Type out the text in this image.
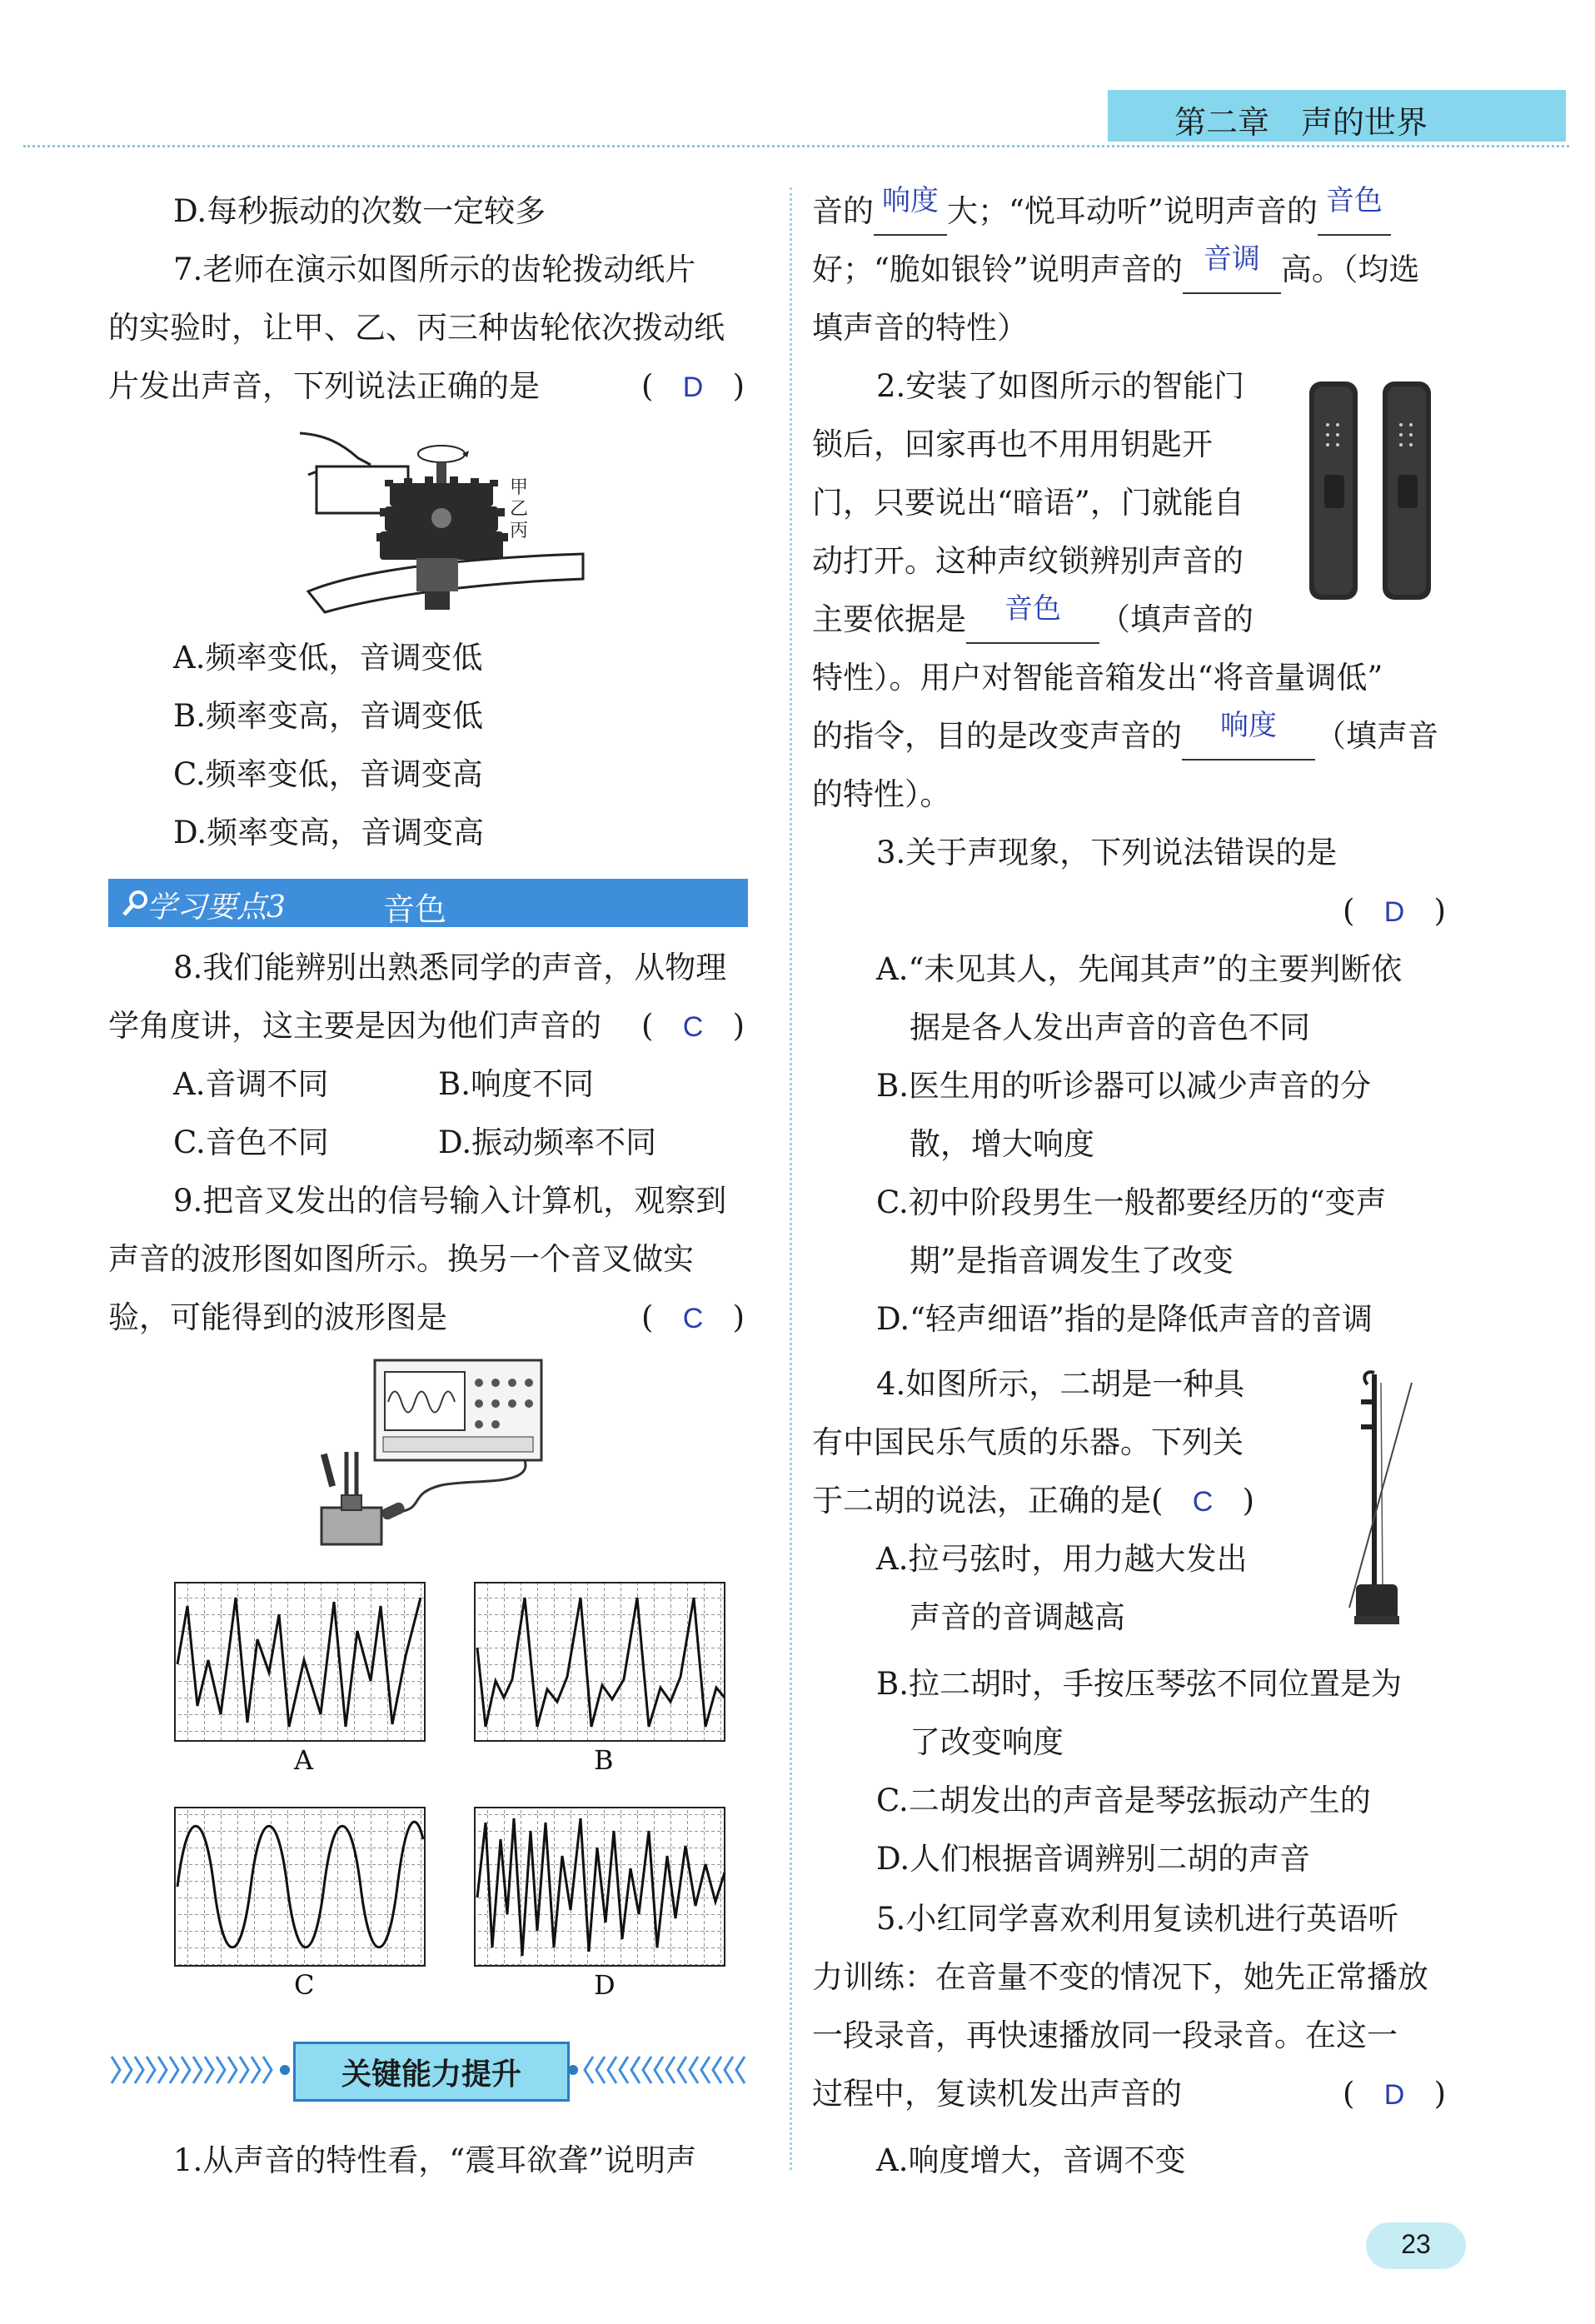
第二章　声的世界
D.每秒振动的次数一定较多
7.老师在演示如图所示的齿轮拨动纸片
的实验时，让甲、乙、丙三种齿轮依次拨动纸
片发出声音，下列说法正确的是	(   D   )
甲
乙
丙
A.频率变低，音调变低
B.频率变高，音调变低
C.频率变低，音调变高
D.频率变高，音调变高
学习要点3	音色
8.我们能辨别出熟悉同学的声音，从物理
学角度讲，这主要是因为他们声音的 (   C   )
A.音调不同	B.响度不同
C.音色不同	D.振动频率不同
9.把音叉发出的信号输入计算机，观察到
声音的波形图如图所示。换另一个音叉做实
验，可能得到的波形图是	(   C   )
A	B
C	D
关键能力提升
1.从声音的特性看，“震耳欲聋”说明声
音的 响度 大；“悦耳动听”说明声音的 音色
好；“脆如银铃”说明声音的 音调 高。（均选
填声音的特性）
2.安装了如图所示的智能门
锁后，回家再也不用用钥匙开
门，只要说出“暗语”，门就能自
动打开。这种声纹锁辨别声音的
主要依据是 音色 （填声音的
特性）。用户对智能音箱发出“将音量调低”
的指令，目的是改变声音的 响度 （填声音
的特性）。
3.关于声现象，下列说法错误的是
(   D   )
A.“未见其人，先闻其声”的主要判断依
据是各人发出声音的音色不同
B.医生用的听诊器可以减少声音的分
散，增大响度
C.初中阶段男生一般都要经历的“变声
期”是指音调发生了改变
D.“轻声细语”指的是降低声音的音调
4.如图所示，二胡是一种具
有中国民乐气质的乐器。下列关
于二胡的说法，正确的是(   C   )
A.拉弓弦时，用力越大发出
声音的音调越高
B.拉二胡时，手按压琴弦不同位置是为
了改变响度
C.二胡发出的声音是琴弦振动产生的
D.人们根据音调辨别二胡的声音
5.小红同学喜欢利用复读机进行英语听
力训练：在音量不变的情况下，她先正常播放
一段录音，再快速播放同一段录音。在这一
过程中，复读机发出声音的	(   D   )
A.响度增大，音调不变
23
